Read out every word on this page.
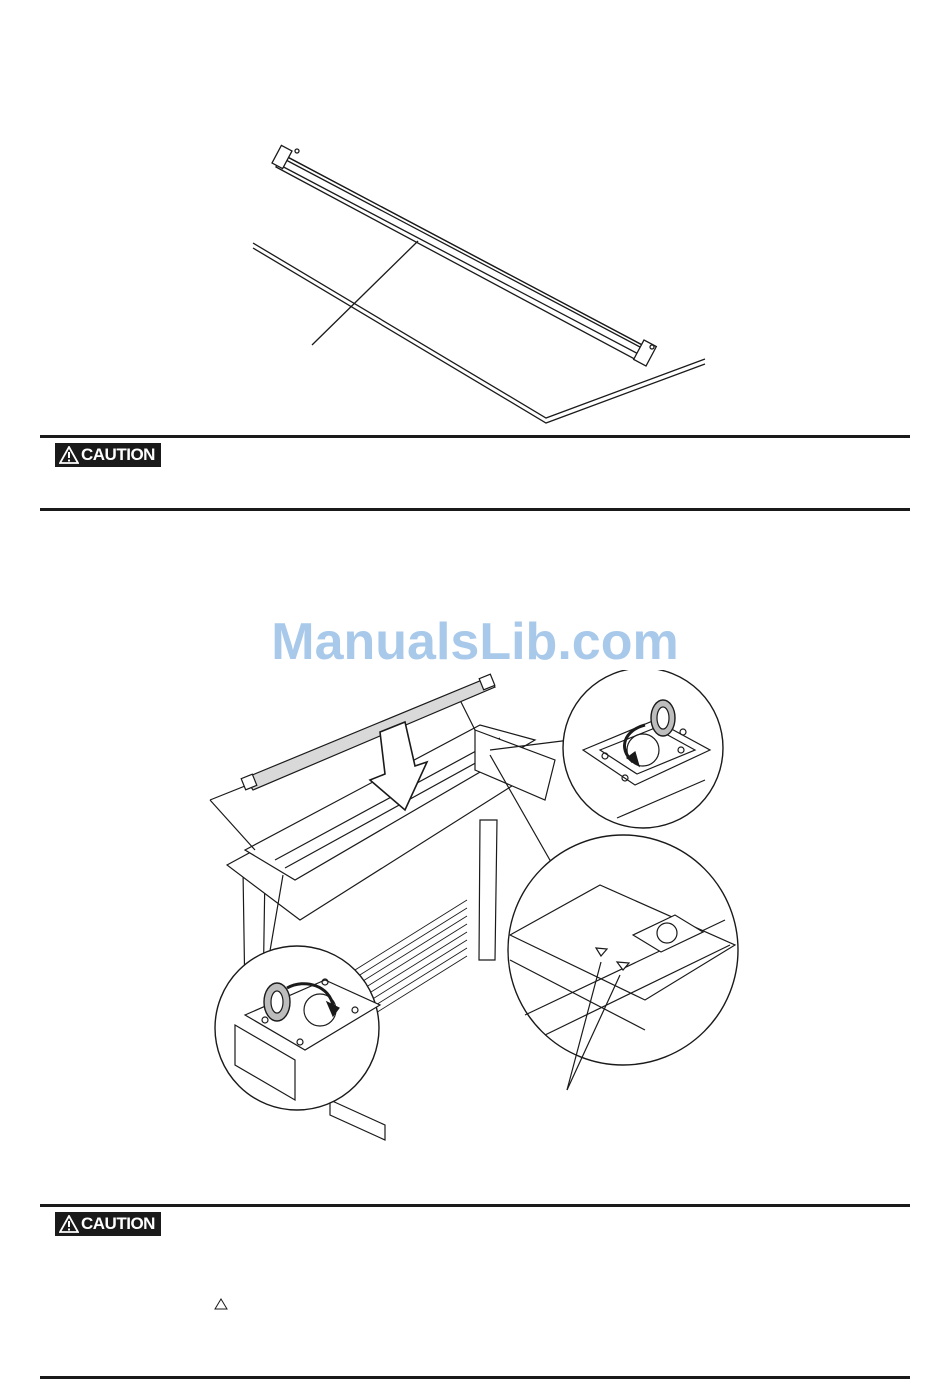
CAUTION
ManualsLib.com
CAUTION
